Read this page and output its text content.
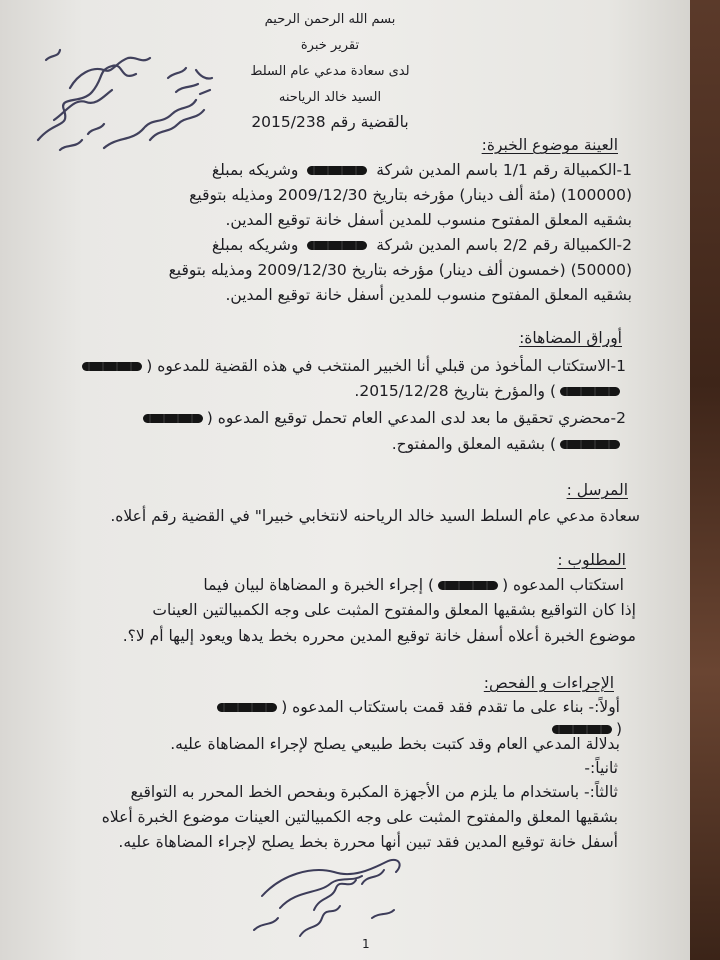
بسم الله الرحمن الرحيم

تقرير خبرة

لدى سعادة مدعي عام السلط

السيد خالد الرياحنه

بالقضية رقم 2015/238

العينة موضوع الخبرة:

1-الكمبيالة رقم 1/1 باسم المدين شركة  وشريكه بمبلغ

(100000) (مئة ألف دينار) مؤرخه بتاريخ 2009/12/30 ومذيله بتوقيع

بشقيه المعلق المفتوح منسوب للمدين أسفل خانة توقيع المدين.

2-الكمبيالة رقم 2/2 باسم المدين شركة  وشريكه بمبلغ

(50000) (خمسون ألف دينار) مؤرخه بتاريخ 2009/12/30 ومذيله بتوقيع

بشقيه المعلق المفتوح منسوب للمدين أسفل خانة توقيع المدين.

أوراق المضاهاة:

1-الاستكتاب المأخوذ من قبلي أنا الخبير المنتخب في هذه القضية للمدعوه (

) والمؤرخ بتاريخ 2015/12/28.

2-محضري تحقيق ما بعد لدى المدعي العام تحمل توقيع المدعوه (

) بشقيه المعلق والمفتوح.

المرسل :

سعادة مدعي عام السلط السيد خالد الرياحنه لانتخابي خبيرا" في القضية رقم أعلاه.

المطلوب :

استكتاب المدعوه () إجراء الخبرة و المضاهاة لبيان فيما

إذا كان التواقيع بشقيها المعلق والمفتوح المثبت على وجه الكمبيالتين العينات

موضوع الخبرة أعلاه أسفل خانة توقيع المدين محرره بخط يدها ويعود إليها أم لا؟.

الإجراءات و الفحص:

أولاً:- بناء على ما تقدم فقد قمت باستكتاب المدعوه (

)

بدلالة المدعي العام وقد كتبت بخط طبيعي يصلح لإجراء المضاهاة عليه.

ثانياً:-

ثالثاً:- باستخدام ما يلزم من الأجهزة المكبرة وبفحص الخط المحرر به التواقيع

بشقيها المعلق والمفتوح المثبت على وجه الكمبيالتين العينات موضوع الخبرة أعلاه

أسفل خانة توقيع المدين فقد تبين أنها محررة بخط يصلح لإجراء المضاهاة عليه.

1
